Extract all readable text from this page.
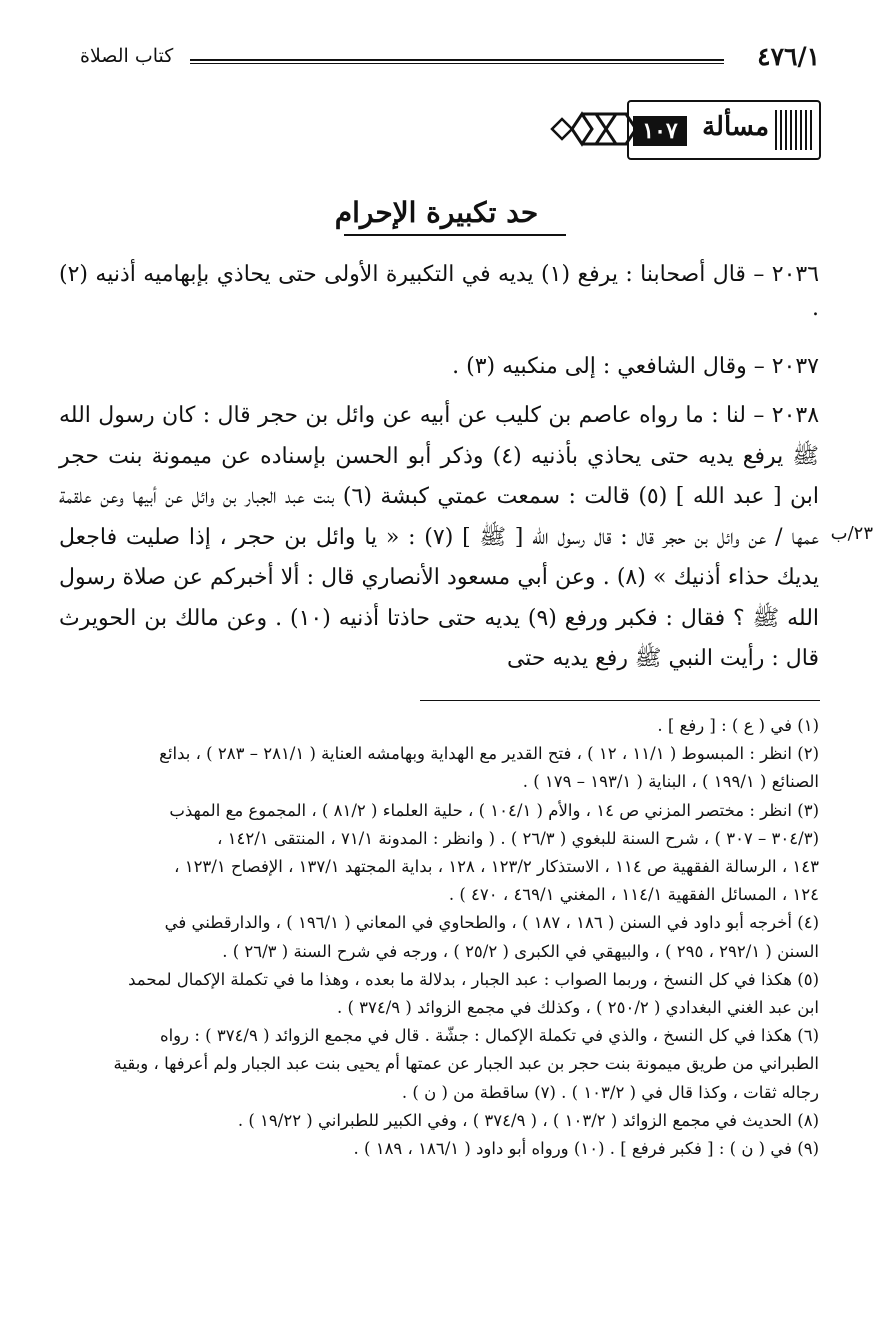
٤٧٦/١
كتاب الصلاة
مسألة
١٠٧
حد تكبيرة الإحرام
٢٠٣٦ – قال أصحابنا : يرفع (١) يديه في التكبيرة الأولى حتى يحاذي بإبهاميه أذنيه (٢) .
٢٠٣٧ – وقال الشافعي : إلى منكبيه (٣) .
٢٠٣٨ – لنا : ما رواه عاصم بن كليب عن أبيه عن وائل بن حجر قال : كان رسول الله ﷺ يرفع يديه حتى يحاذي بأذنيه (٤) وذكر أبو الحسن بإسناده عن ميمونة بنت حجر ابن [ عبد الله ] (٥) قالت : سمعت عمتي كبشة (٦) بنت عبد الجبار بن وائل عن أبيها وعن علقمة عمها / عن وائل بن حجر قال : قال رسول الله [ ﷺ ] (٧) : « يا وائل بن حجر ، إذا صليت فاجعل يديك حذاء أذنيك » (٨) . وعن أبي مسعود الأنصاري قال : ألا أخبركم عن صلاة رسول الله ﷺ ؟ فقال : فكبر ورفع (٩) يديه حتى حاذتا أذنيه (١٠) . وعن مالك بن الحويرث قال : رأيت النبي ﷺ رفع يديه حتى
٢٣/ب
(١) في ( ع ) : [ رفع ] .
(٢) انظر : المبسوط ( ١١/١ ، ١٢ ) ، فتح القدير مع الهداية وبهامشه العناية ( ٢٨١/١ – ٢٨٣ ) ، بدائع
الصنائع ( ١٩٩/١ ) ، البناية ( ١٩٣/١ – ١٧٩ ) .
(٣) انظر : مختصر المزني ص ١٤ ، والأم ( ١٠٤/١ ) ، حلية العلماء ( ٨١/٢ ) ، المجموع مع المهذب
(٣٠٤/٣ – ٣٠٧ ) ، شرح السنة للبغوي ( ٢٦/٣ ) . ( وانظر : المدونة ٧١/١ ، المنتقى ١٤٢/١ ،
١٤٣ ، الرسالة الفقهية ص ١١٤ ، الاستذكار ١٢٣/٢ ، ١٢٨ ، بداية المجتهد ١٣٧/١ ، الإفصاح ١٢٣/١ ،
١٢٤ ، المسائل الفقهية ١١٤/١ ، المغني ٤٦٩/١ ، ٤٧٠ ) .
(٤) أخرجه أبو داود في السنن ( ١٨٦ ، ١٨٧ ) ، والطحاوي في المعاني ( ١٩٦/١ ) ، والدارقطني في
السنن ( ٢٩٢/١ ، ٢٩٥ ) ، والبيهقي في الكبرى ( ٢٥/٢ ) ، ورجه في شرح السنة ( ٢٦/٣ ) .
(٥) هكذا في كل النسخ ، وربما الصواب : عبد الجبار ، بدلالة ما بعده ، وهذا ما في تكملة الإكمال لمحمد
ابن عبد الغني البغدادي ( ٢٥٠/٢ ) ، وكذلك في مجمع الزوائد ( ٣٧٤/٩ ) .
(٦) هكذا في كل النسخ ، والذي في تكملة الإكمال : جشّة . قال في مجمع الزوائد ( ٣٧٤/٩ ) : رواه
الطبراني من طريق ميمونة بنت حجر بن عبد الجبار عن عمتها أم يحيى بنت عبد الجبار ولم أعرفها ، وبقية
رجاله ثقات ، وكذا قال في ( ١٠٣/٢ ) . (٧) ساقطة من ( ن ) .
(٨) الحديث في مجمع الزوائد ( ١٠٣/٢ ) ، ( ٣٧٤/٩ ) ، وفي الكبير للطبراني ( ١٩/٢٢ ) .
(٩) في ( ن ) : [ فكبر فرفع ] . (١٠) ورواه أبو داود ( ١٨٦/١ ، ١٨٩ ) .
